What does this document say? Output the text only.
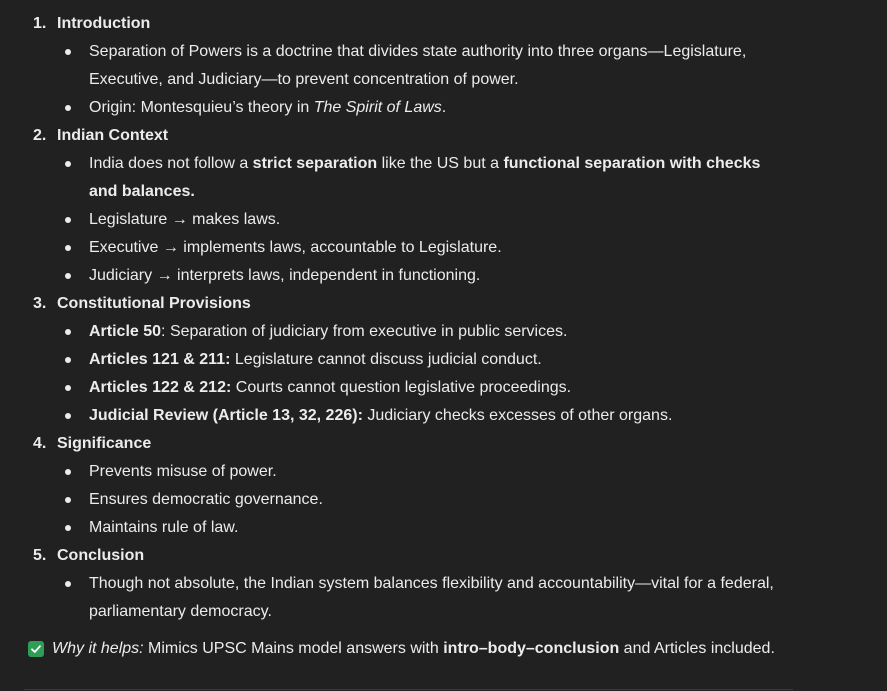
1. Introduction
Separation of Powers is a doctrine that divides state authority into three organs—Legislature, Executive, and Judiciary—to prevent concentration of power.
Origin: Montesquieu’s theory in The Spirit of Laws.
2. Indian Context
India does not follow a strict separation like the US but a functional separation with checks and balances.
Legislature → makes laws.
Executive → implements laws, accountable to Legislature.
Judiciary → interprets laws, independent in functioning.
3. Constitutional Provisions
Article 50: Separation of judiciary from executive in public services.
Articles 121 & 211: Legislature cannot discuss judicial conduct.
Articles 122 & 212: Courts cannot question legislative proceedings.
Judicial Review (Article 13, 32, 226): Judiciary checks excesses of other organs.
4. Significance
Prevents misuse of power.
Ensures democratic governance.
Maintains rule of law.
5. Conclusion
Though not absolute, the Indian system balances flexibility and accountability—vital for a federal, parliamentary democracy.
Why it helps: Mimics UPSC Mains model answers with intro–body–conclusion and Articles included.
